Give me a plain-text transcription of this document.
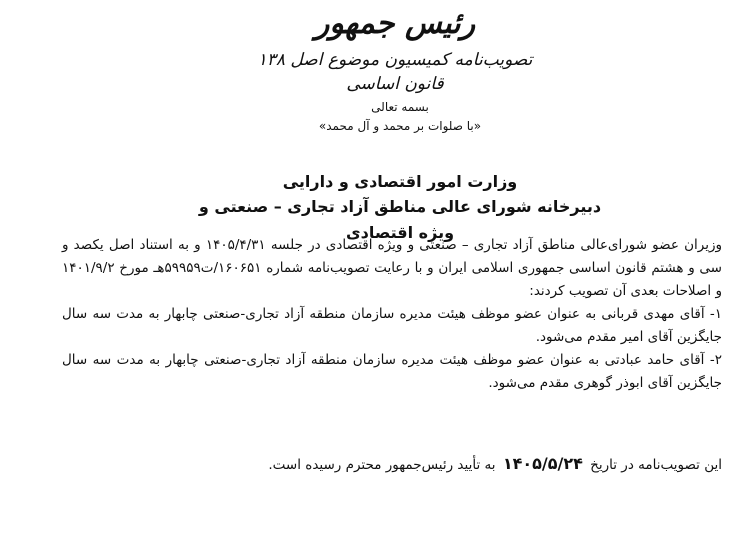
رئیس جمهور
تصویب‌نامه کمیسیون موضوع اصل ۱۳۸ قانون اساسی
بسمه تعالی
«با صلوات بر محمد و آل محمد»
وزارت امور اقتصادی و دارایی
دبیرخانه شورای عالی مناطق آزاد تجاری – صنعتی و ویژه اقتصادی

وزیران عضو شورای‌عالی مناطق آزاد تجاری – صنعتی و ویژه اقتصادی در جلسه ۱۴۰۵/۴/۳۱ و به استناد اصل یکصد و سی و هشتم قانون اساسی جمهوری اسلامی ایران و با رعایت تصویب‌نامه شماره ۱۶۰۶۵۱/ت۵۹۹۵۹هـ مورخ ۱۴۰۱/۹/۲ و اصلاحات بعدی آن تصویب کردند:

۱- آقای مهدی قربانی به عنوان عضو موظف هیئت مدیره سازمان منطقه آزاد تجاری‌-صنعتی چابهار به مدت سه سال جایگزین آقای امیر مقدم می‌شود.

۲- آقای حامد عبادتی به عنوان عضو موظف هیئت مدیره سازمان منطقه آزاد تجاری‌-صنعتی چابهار به مدت سه سال جایگزین آقای ابوذر گوهری مقدم می‌شود.

این تصویب‌نامه در تاریخ ۱۴۰۵/۵/۲۴ به تأیید رئیس‌جمهور محترم رسیده است.
